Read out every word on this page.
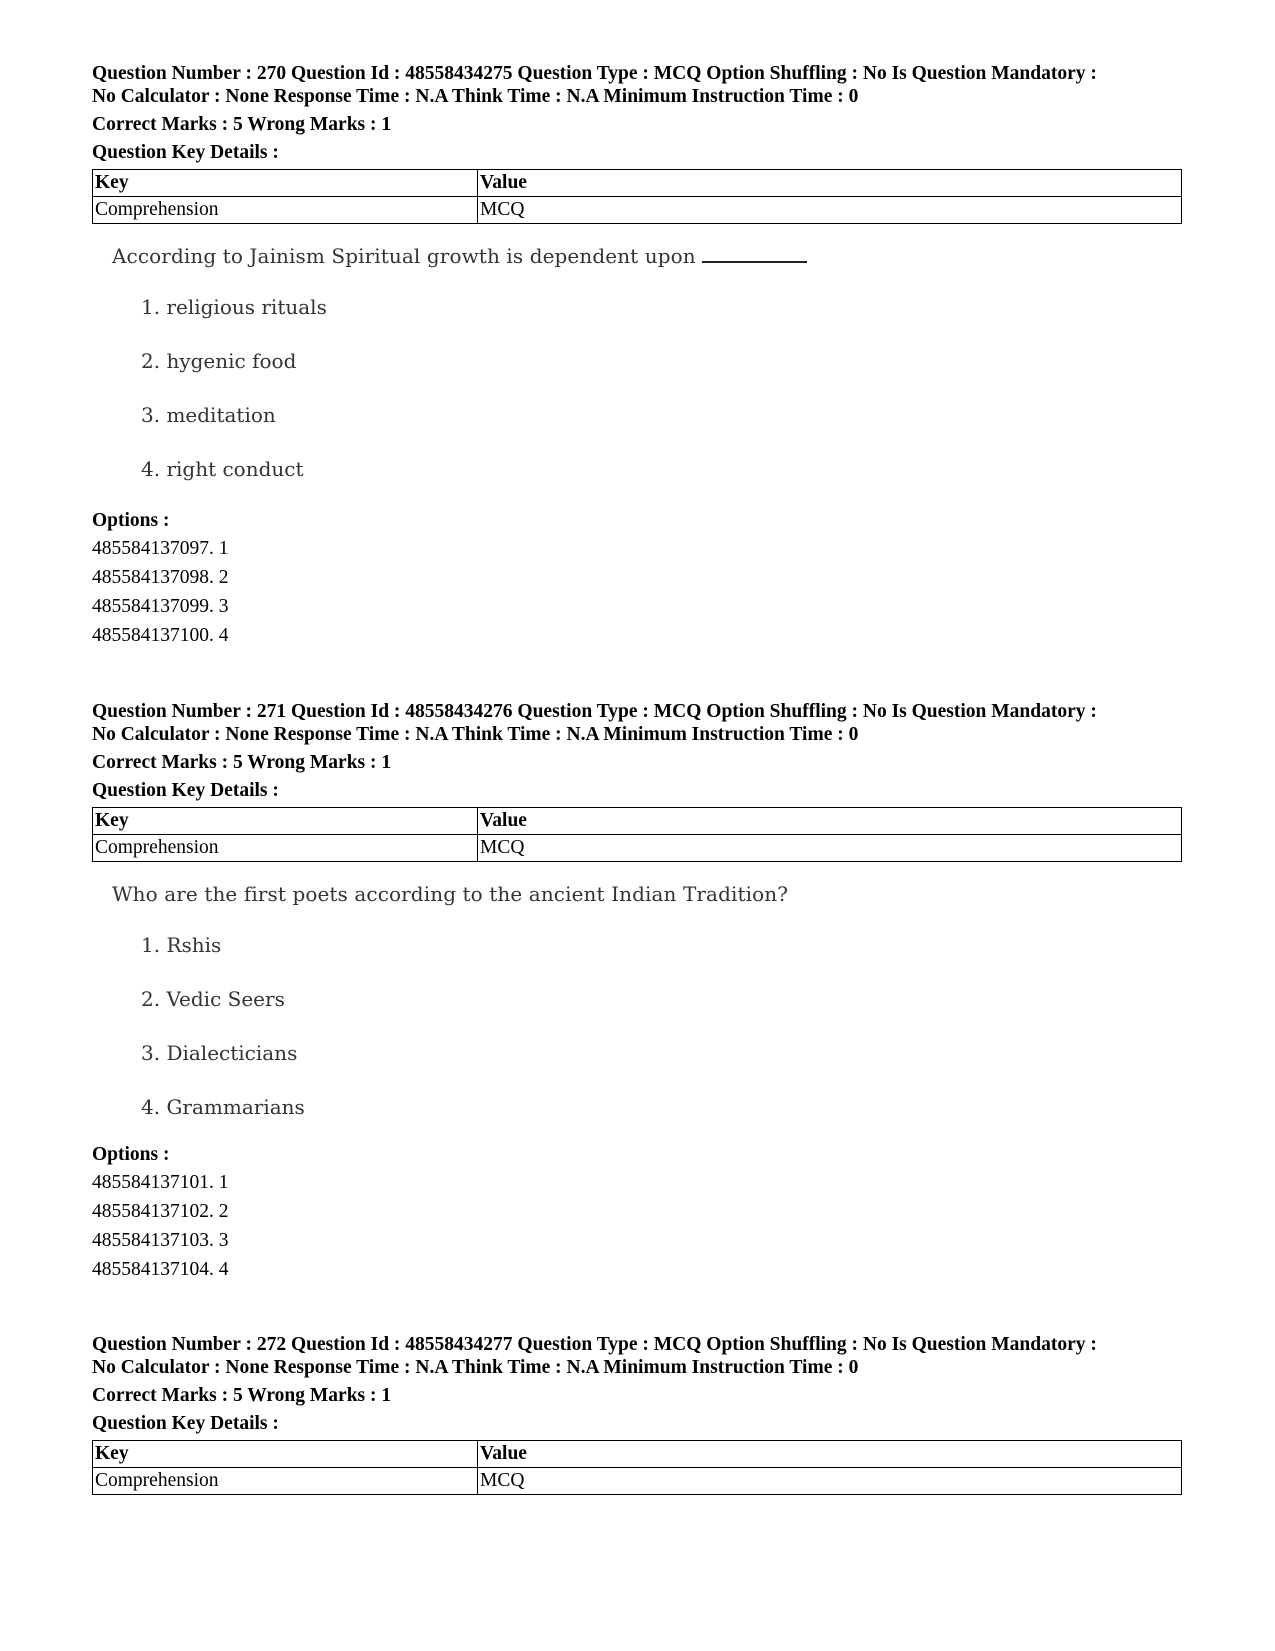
Question Number : 270 Question Id : 48558434275 Question Type : MCQ Option Shuffling : No Is Question Mandatory :
No Calculator : None Response Time : N.A Think Time : N.A Minimum Instruction Time : 0
Correct Marks : 5 Wrong Marks : 1
Question Key Details :
Key	Value
Comprehension	MCQ
According to Jainism Spiritual growth is dependent upon
1. religious rituals
2. hygenic food
3. meditation
4. right conduct
Options :
485584137097. 1
485584137098. 2
485584137099. 3
485584137100. 4
Question Number : 271 Question Id : 48558434276 Question Type : MCQ Option Shuffling : No Is Question Mandatory :
No Calculator : None Response Time : N.A Think Time : N.A Minimum Instruction Time : 0
Correct Marks : 5 Wrong Marks : 1
Question Key Details :
Key	Value
Comprehension	MCQ
Who are the first poets according to the ancient Indian Tradition?
1. Rshis
2. Vedic Seers
3. Dialecticians
4. Grammarians
Options :
485584137101. 1
485584137102. 2
485584137103. 3
485584137104. 4
Question Number : 272 Question Id : 48558434277 Question Type : MCQ Option Shuffling : No Is Question Mandatory :
No Calculator : None Response Time : N.A Think Time : N.A Minimum Instruction Time : 0
Correct Marks : 5 Wrong Marks : 1
Question Key Details :
Key	Value
Comprehension	MCQ
